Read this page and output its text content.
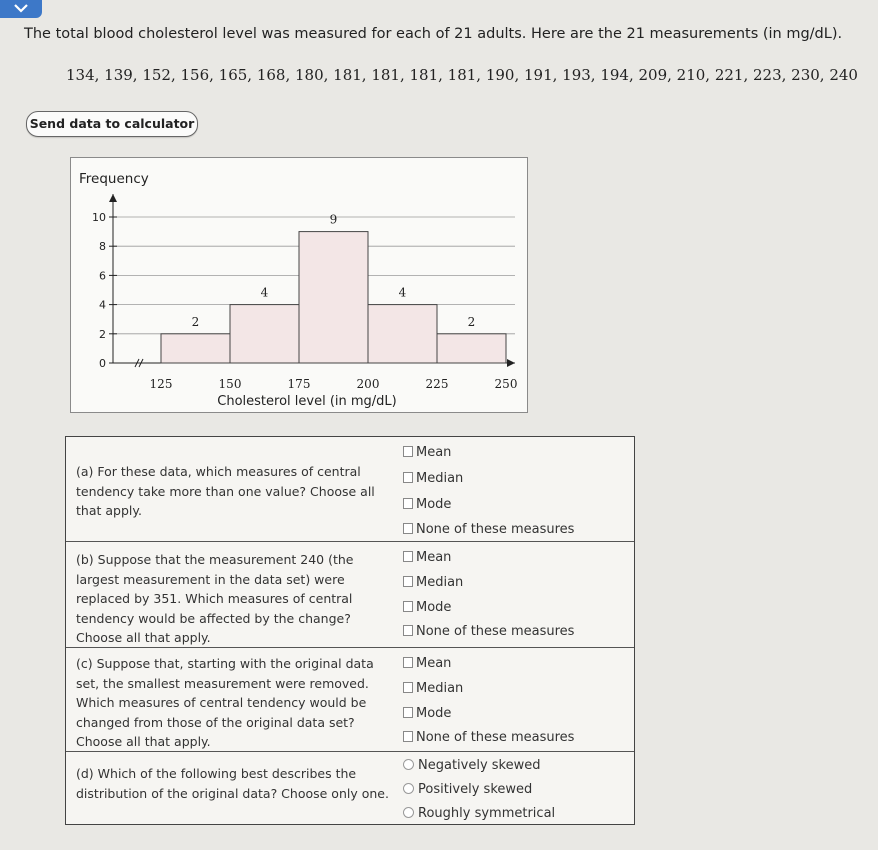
The total blood cholesterol level was measured for each of 21 adults. Here are the 21 measurements (in mg/dL).
134, 139, 152, 156, 165, 168, 180, 181, 181, 181, 181, 190, 191, 193, 194, 209, 210, 221, 223, 230, 240
Send data to calculator
0
2
4
6
8
10
2
4
9
4
2
125	150	175	200	225	250
Frequency
Cholesterol level (in mg/dL)
(a) For these data, which measures of central tendency take more than one value? Choose all that apply.
Mean
Median
Mode
None of these measures
(b) Suppose that the measurement 240 (the largest measurement in the data set) were replaced by 351. Which measures of central tendency would be affected by the change? Choose all that apply.
Mean
Median
Mode
None of these measures
(c) Suppose that, starting with the original data set, the smallest measurement were removed. Which measures of central tendency would be changed from those of the original data set? Choose all that apply.
Mean
Median
Mode
None of these measures
(d) Which of the following best describes the distribution of the original data? Choose only one.
Negatively skewed
Positively skewed
Roughly symmetrical
